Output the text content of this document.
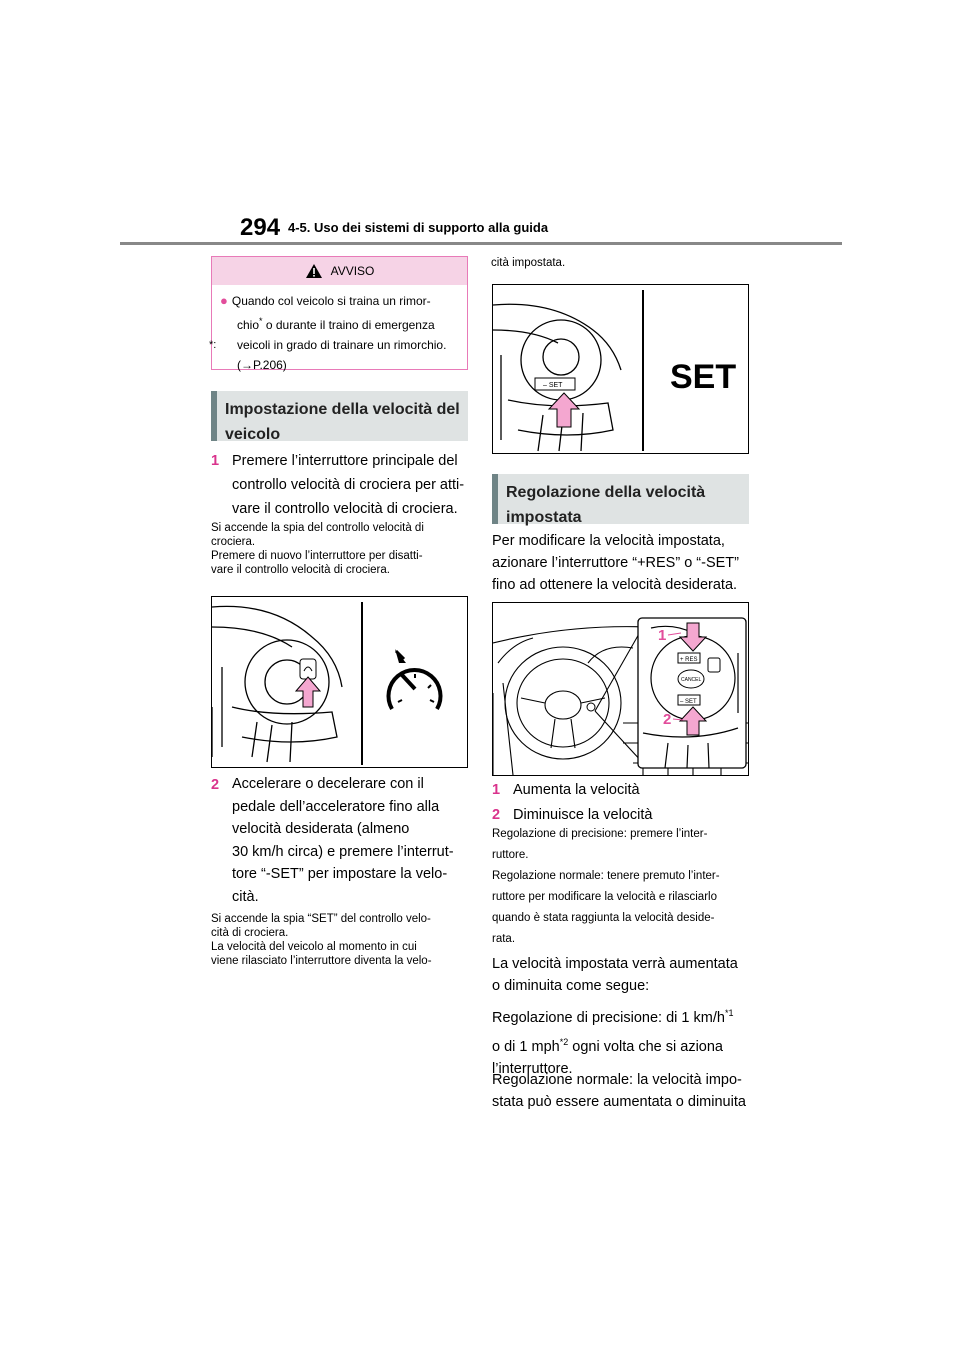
294 4-5. Uso dei sistemi di supporto alla guida
AVVISO
● Quando col veicolo si traina un rimor-
chio* o durante il traino di emergenza
*: veicoli in grado di trainare un rimorchio.
(→P.206)
Impostazione della velocità del veicolo
1 Premere l’interruttore principale del
controllo velocità di crociera per atti-
vare il controllo velocità di crociera.
Si accende la spia del controllo velocità di
crociera.
Premere di nuovo l’interruttore per disatti-
vare il controllo velocità di crociera.
2 Accelerare o decelerare con il
pedale dell’acceleratore fino alla
velocità desiderata (almeno
30 km/h circa) e premere l’interrut-
tore “-SET” per impostare la velo-
cità.
Si accende la spia “SET” del controllo velo-
cità di crociera.
La velocità del veicolo al momento in cui
viene rilasciato l’interruttore diventa la velo-
cità impostata.
– SET	SET
Regolazione della velocità impostata
Per modificare la velocità impostata,
azionare l’interruttore “+RES” o “-SET”
fino ad ottenere la velocità desiderata.
+ RES
CANCEL
– SET
1
2
1 Aumenta la velocità
2 Diminuisce la velocità
Regolazione di precisione: premere l’inter-
ruttore.
Regolazione normale: tenere premuto l’inter-
ruttore per modificare la velocità e rilasciarlo
quando è stata raggiunta la velocità deside-
rata.
La velocità impostata verrà aumentata
o diminuita come segue:
Regolazione di precisione: di 1 $km/h^{*1}$
o di 1 mph$^{*2}$ ogni volta che si aziona
l’interruttore.
Regolazione normale: la velocità impo-
stata può essere aumentata o diminuita
